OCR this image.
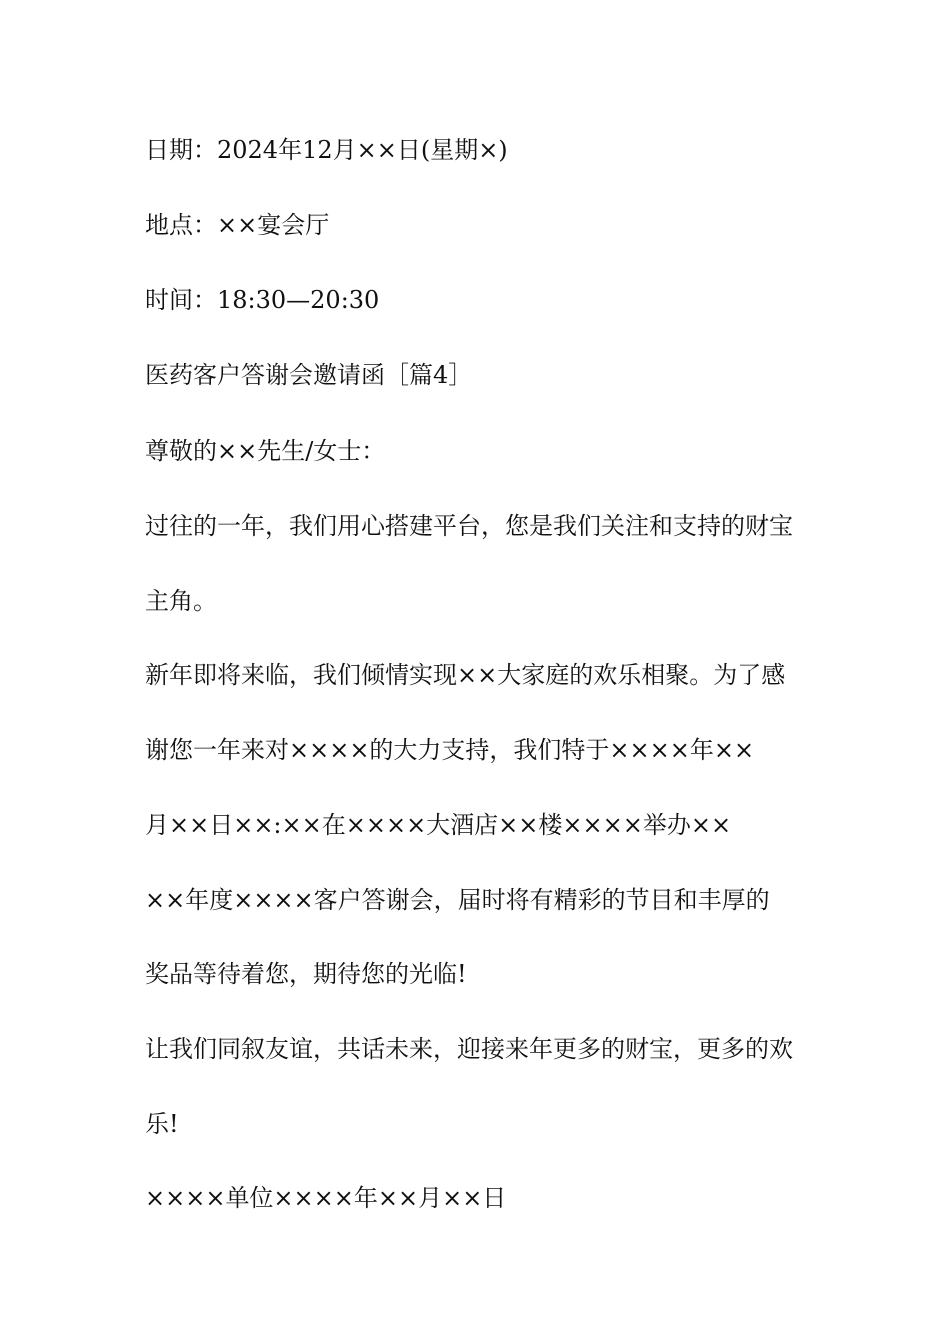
日期：2024年12月××日(星期×)
地点：××宴会厅
时间：18:30—20:30
医药客户答谢会邀请函［篇4］
尊敬的××先生/女士：
过往的一年，我们用心搭建平台，您是我们关注和支持的财宝
主角。
新年即将来临，我们倾情实现××大家庭的欢乐相聚。为了感
谢您一年来对××××的大力支持，我们特于××××年××
月××日××:××在××××大酒店××楼××××举办××
××年度××××客户答谢会，届时将有精彩的节目和丰厚的
奖品等待着您，期待您的光临!
让我们同叙友谊，共话未来，迎接来年更多的财宝，更多的欢
乐!
××××单位××××年××月××日
